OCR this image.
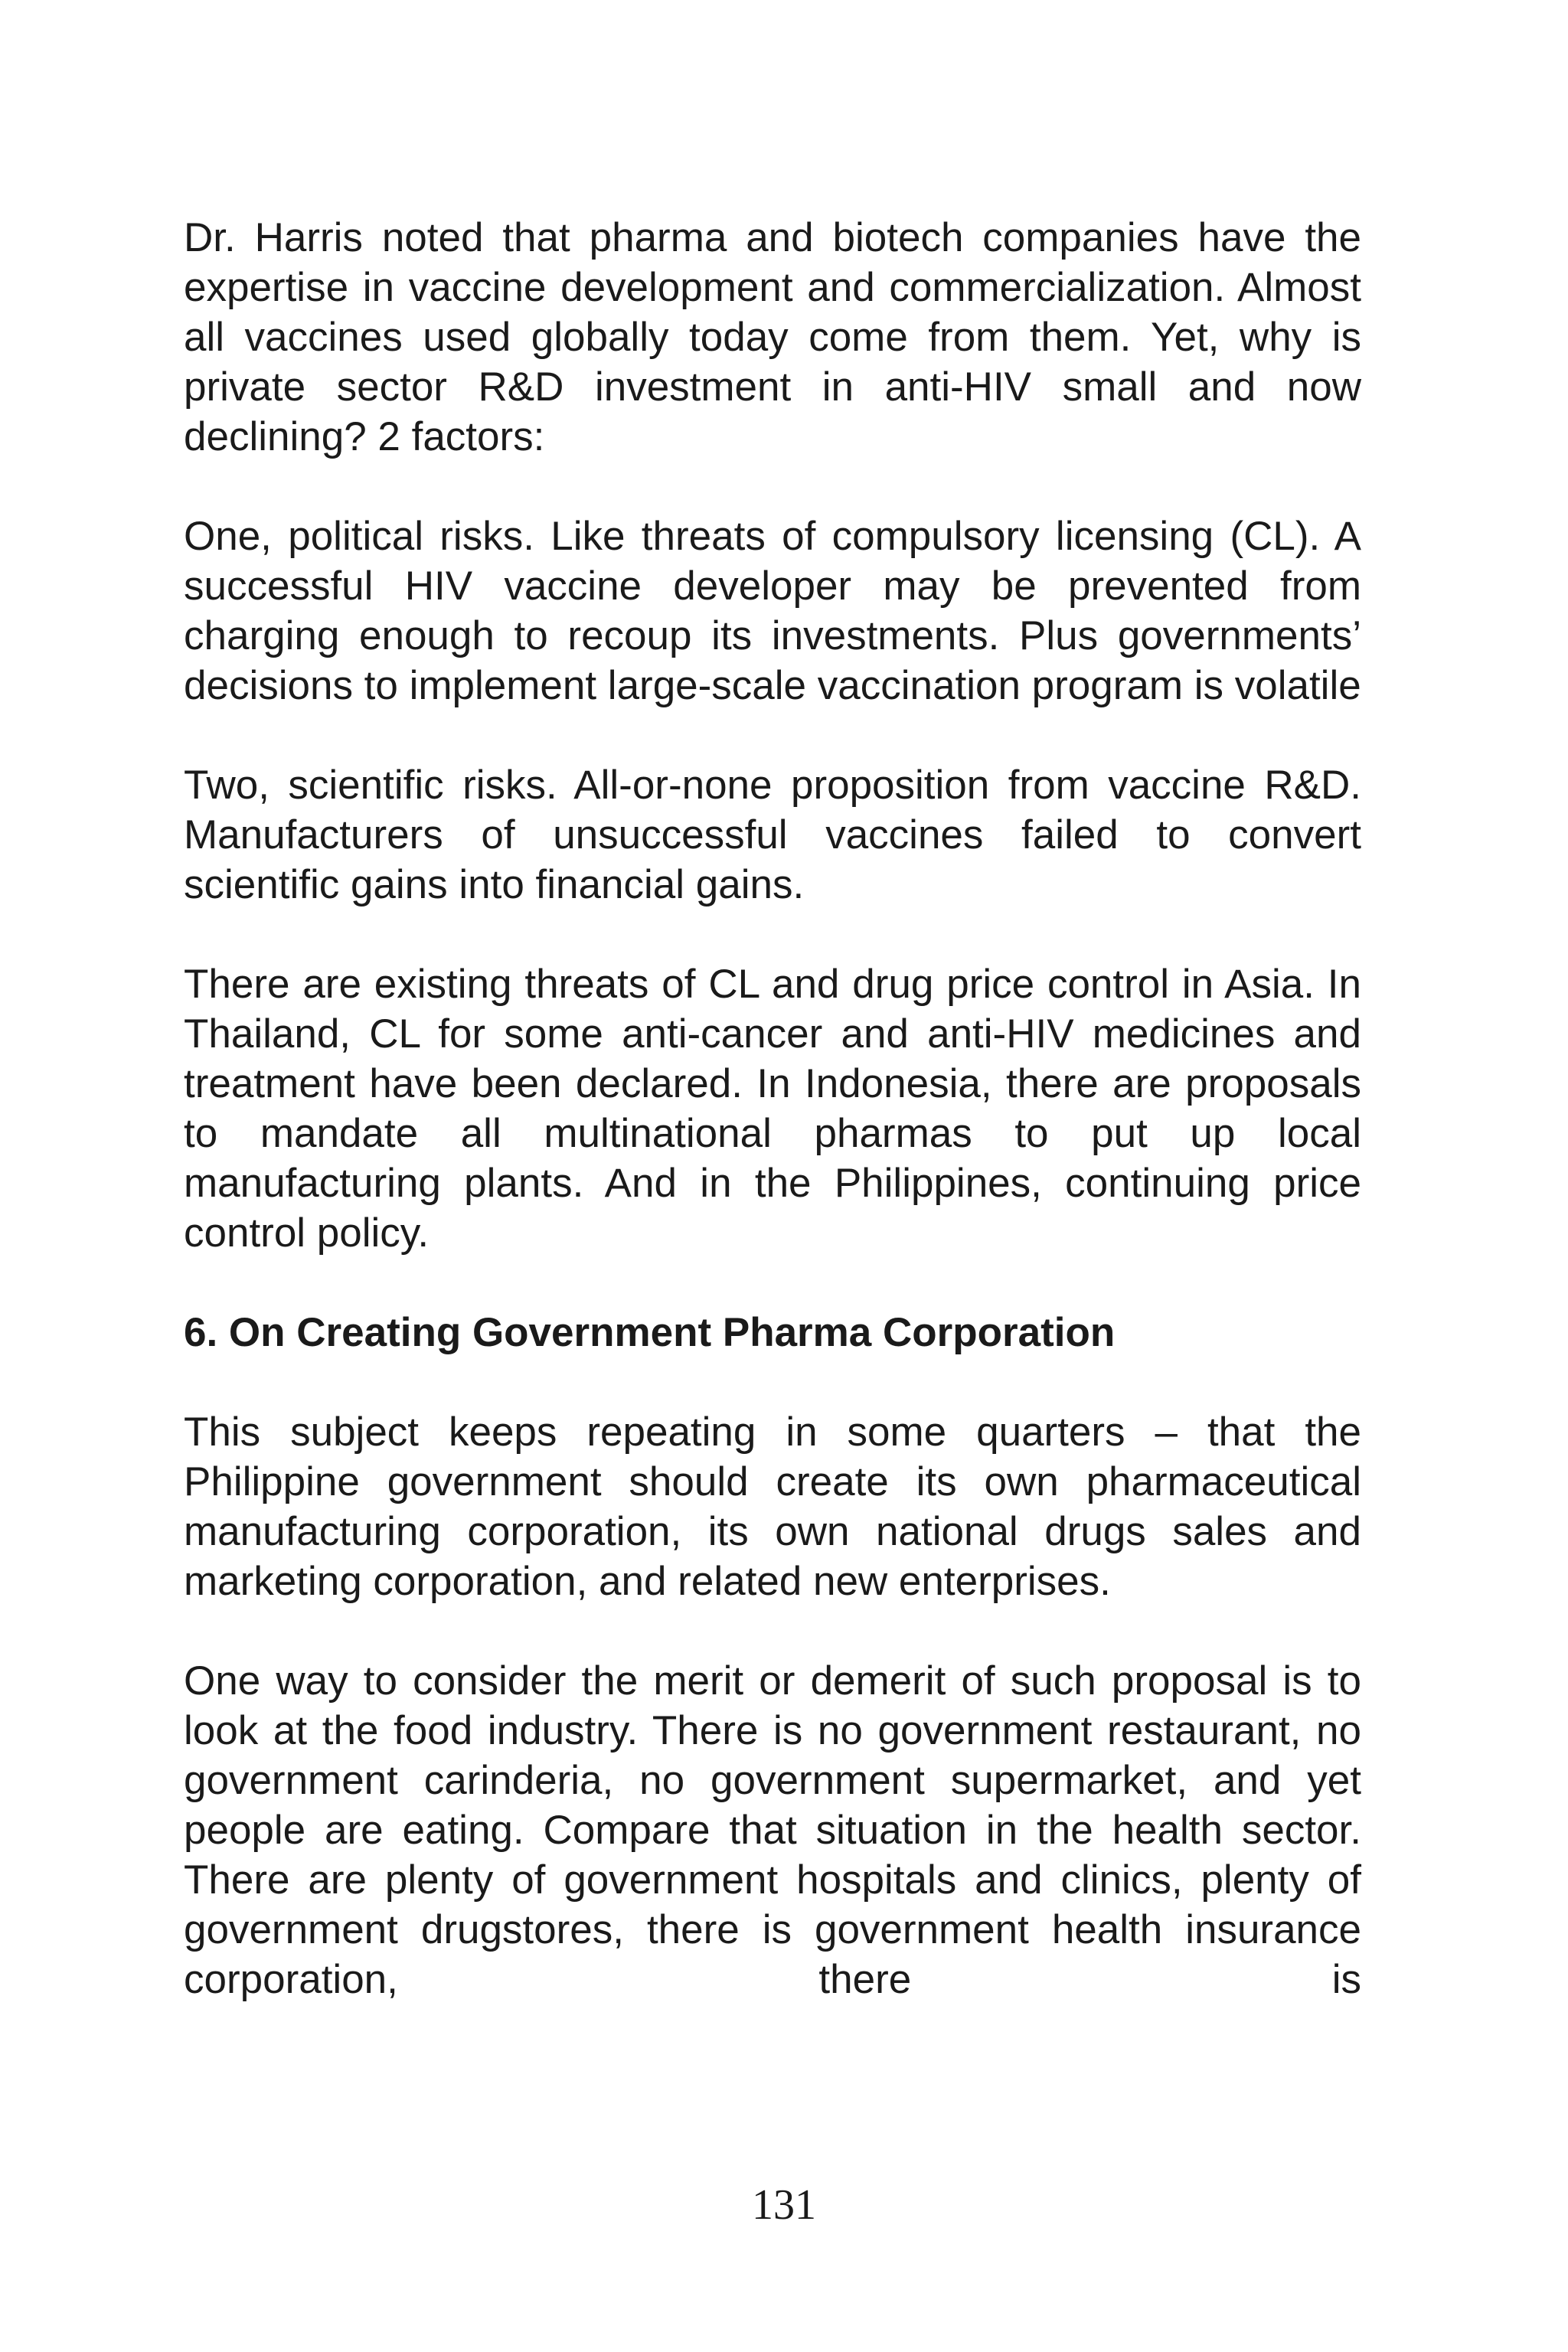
Dr. Harris noted that pharma and biotech companies have the expertise in vaccine development and commercialization. Almost all vaccines used globally today come from them. Yet, why is private sector R&D investment in anti-HIV small and now declining? 2 factors:

One, political risks. Like threats of compulsory licensing (CL). A successful HIV vaccine developer may be prevented from charging enough to recoup its investments. Plus governments’ decisions to implement large-scale vaccination program is volatile

Two, scientific risks. All-or-none proposition from vaccine R&D. Manufacturers of unsuccessful vaccines failed to convert scientific gains into financial gains.

There are existing threats of CL and drug price control in Asia. In Thailand, CL for some anti-cancer and anti-HIV medicines and treatment have been declared. In Indonesia, there are proposals to mandate all multinational pharmas to put up local manufacturing plants. And in the Philippines, continuing price control policy.

6. On Creating Government Pharma Corporation

This subject keeps repeating in some quarters – that the Philippine government should create its own pharmaceutical manufacturing corporation, its own national drugs sales and marketing corporation, and related new enterprises.

One way to consider the merit or demerit of such proposal is to look at the food industry. There is no government restaurant, no government carinderia, no government supermarket, and yet people are eating. Compare that situation in the health sector. There are plenty of government hospitals and clinics, plenty of government drugstores, there is government health insurance corporation, there is

131
